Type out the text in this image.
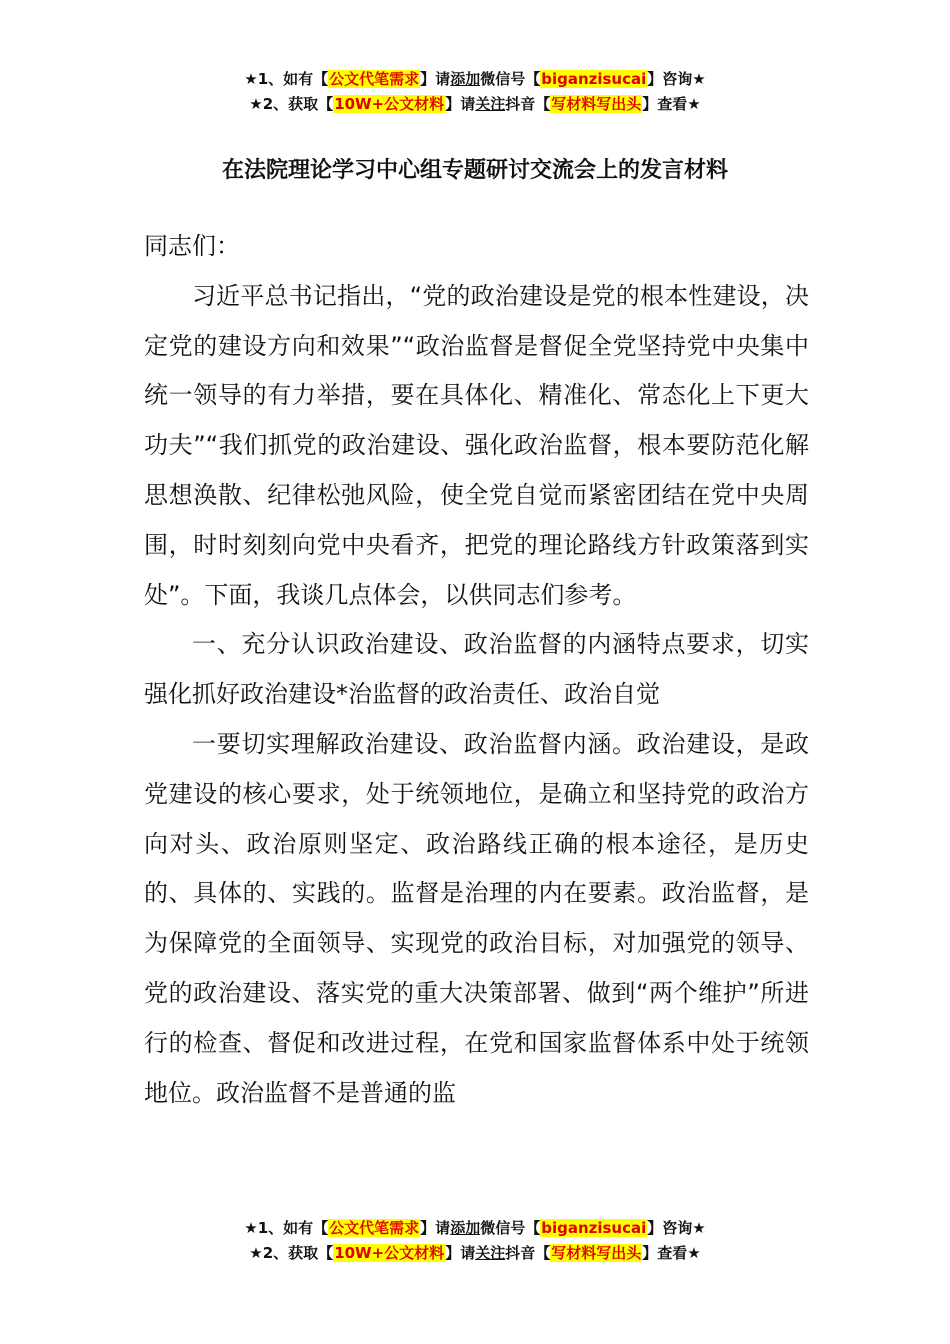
★1、如有【公文代笔需求】请添加微信号【biganzisucai】咨询★
★2、获取【10W+公文材料】请关注抖音【写材料写出头】查看★
在法院理论学习中心组专题研讨交流会上的发言材料

同志们：

习近平总书记指出，“党的政治建设是党的根本性建设，决定党的建设方向和效果”“政治监督是督促全党坚持党中央集中统一领导的有力举措，要在具体化、精准化、常态化上下更大功夫”“我们抓党的政治建设、强化政治监督，根本要防范化解思想涣散、纪律松弛风险，使全党自觉而紧密团结在党中央周围，时时刻刻向党中央看齐，把党的理论路线方针政策落到实处”。下面，我谈几点体会，以供同志们参考。

一、充分认识政治建设、政治监督的内涵特点要求，切实强化抓好政治建设*治监督的政治责任、政治自觉

一要切实理解政治建设、政治监督内涵。政治建设，是政党建设的核心要求，处于统领地位，是确立和坚持党的政治方向对头、政治原则坚定、政治路线正确的根本途径，是历史的、具体的、实践的。监督是治理的内在要素。政治监督，是为保障党的全面领导、实现党的政治目标，对加强党的领导、党的政治建设、落实党的重大决策部署、做到“两个维护”所进行的检查、督促和改进过程，在党和国家监督体系中处于统领地位。政治监督不是普通的监

★1、如有【公文代笔需求】请添加微信号【biganzisucai】咨询★
★2、获取【10W+公文材料】请关注抖音【写材料写出头】查看★
